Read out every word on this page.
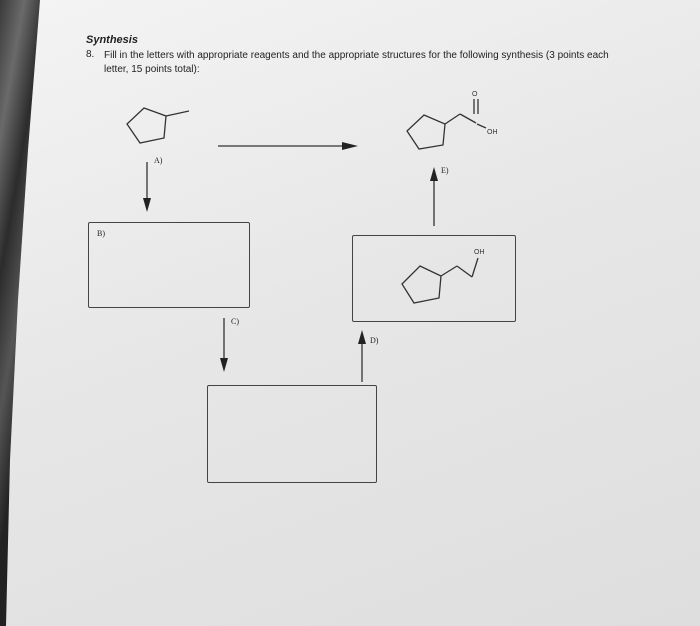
Synthesis
8. Fill in the letters with appropriate reagents and the appropriate structures for the following synthesis (3 points each letter, 15 points total):
O
OH
OH
A)
E)
C)
D)
B)
